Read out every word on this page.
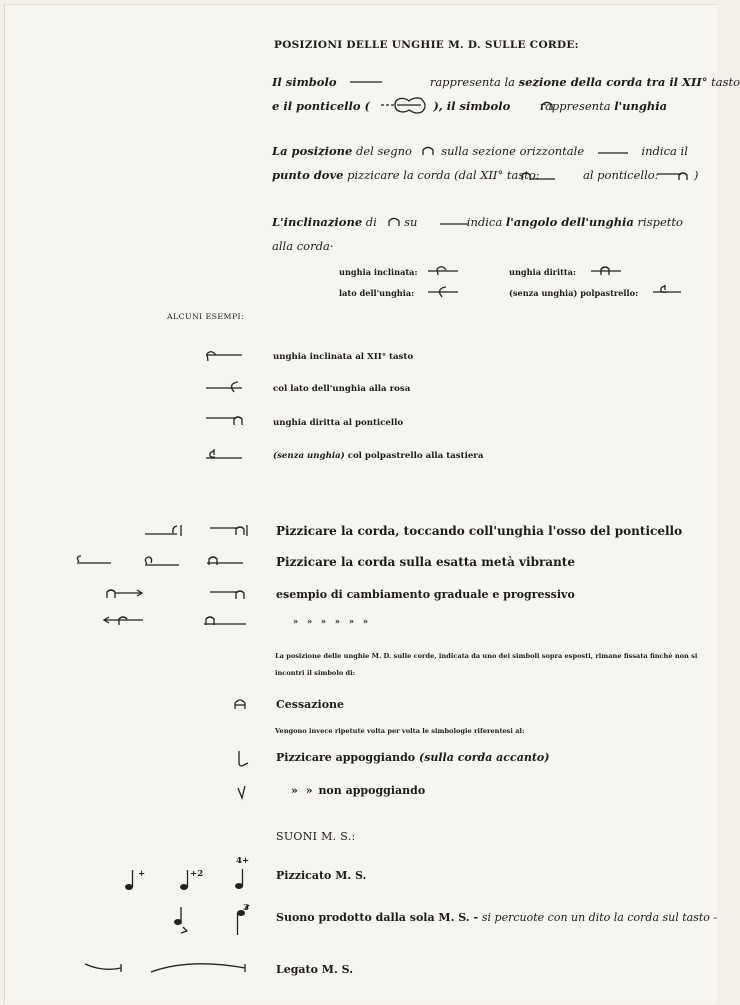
POSIZIONI DELLE UNGHIE M. D. SULLE CORDE:
Il simbolo	rappresenta la sezione della corda tra il XII° tasto
e il ponticello (	), il simbolo	rappresenta l'unghia
La posizione del segno	sulla sezione orizzontale	indica il
punto dove pizzicare la corda (dal XII° tasto:	al ponticello:	)
L'inclinazione di su	indica l'angolo dell'unghia rispetto
alla corda·
unghia inclinata:	unghia diritta:
lato dell'unghia:	(senza unghia) polpastrello:
ALCUNI ESEMPI:
unghia inclinata al XII° tasto
col lato dell'unghia alla rosa
unghia diritta al ponticello
(senza unghia) col polpastrello alla tastiera
Pizzicare la corda, toccando coll'unghia l'osso del ponticello
Pizzicare la corda sulla esatta metà vibrante
esempio di cambiamento graduale e progressivo
» » » » » »
La posizione delle unghie M. D. sulle corde, indicata da uno dei simboli sopra esposti, rimane fissata finchè non si
incontri il simbolo di:
Cessazione
Vengono invece ripetute volta per volta le simbologie riferentesi al:
Pizzicare appoggiando (sulla corda accanto)
» » non appoggiando
SUONI M. S.:
+	+2
4+
Pizzicato M. S.
3
Suono prodotto dalla sola M. S. - si percuote con un dito la corda sul tasto -
Legato M. S.
